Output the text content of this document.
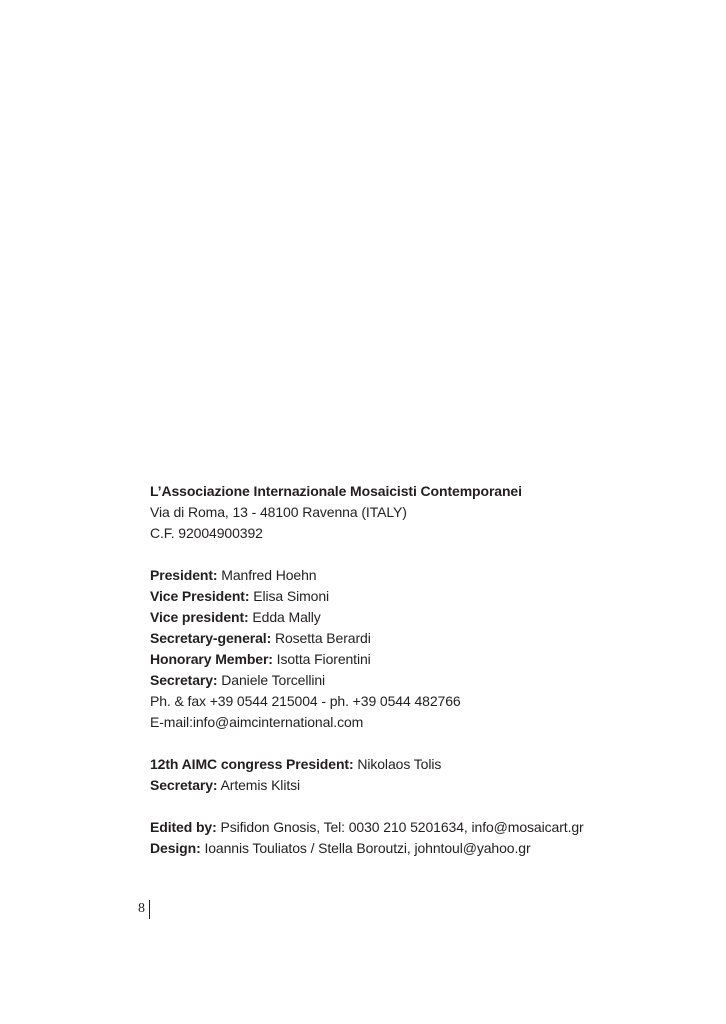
L’Associazione Internazionale Mosaicisti Contemporanei
Via di Roma, 13 - 48100 Ravenna (ITALY)
C.F. 92004900392
President: Manfred Hoehn
Vice President: Elisa Simoni
Vice president: Edda Mally
Secretary-general: Rosetta Berardi
Honorary Member: Isotta Fiorentini
Secretary: Daniele Torcellini
Ph. & fax +39 0544 215004 - ph. +39 0544 482766
E-mail:info@aimcinternational.com
12th AIMC congress President: Nikolaos Tolis
Secretary: Artemis Klitsi
Edited by: Psifidon Gnosis, Tel: 0030 210 5201634, info@mosaicart.gr
Design: Ioannis Touliatos / Stella Boroutzi, johntoul@yahoo.gr
8
